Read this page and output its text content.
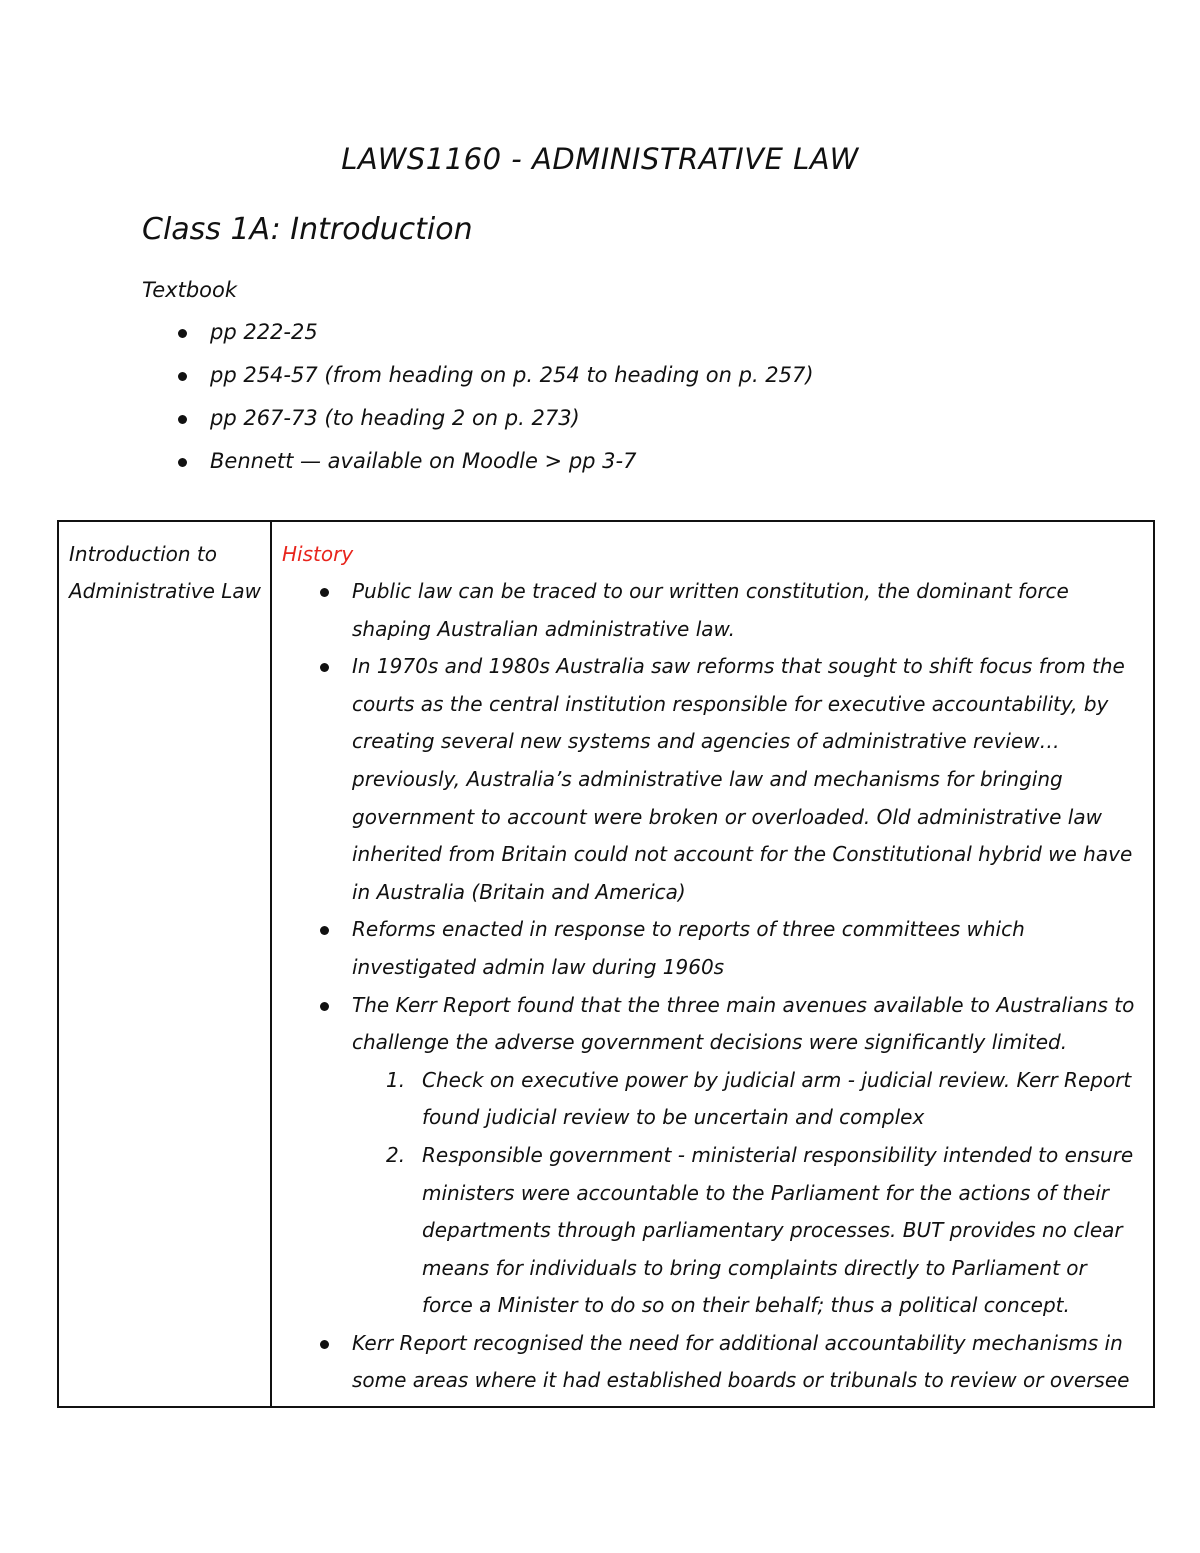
LAWS1160 - ADMINISTRATIVE LAW
Class 1A: Introduction
Textbook
pp 222-25
pp 254-57 (from heading on p. 254 to heading on p. 257)
pp 267-73 (to heading 2 on p. 273)
Bennett — available on Moodle > pp 3-7
Introduction to Administrative Law
History
Public law can be traced to our written constitution, the dominant force shaping Australian administrative law.
In 1970s and 1980s Australia saw reforms that sought to shift focus from the courts as the central institution responsible for executive accountability, by creating several new systems and agencies of administrative review… previously, Australia’s administrative law and mechanisms for bringing government to account were broken or overloaded. Old administrative law inherited from Britain could not account for the Constitutional hybrid we have in Australia (Britain and America)
Reforms enacted in response to reports of three committees which investigated admin law during 1960s
The Kerr Report found that the three main avenues available to Australians to challenge the adverse government decisions were significantly limited.
1. Check on executive power by judicial arm - judicial review. Kerr Report found judicial review to be uncertain and complex
2. Responsible government - ministerial responsibility intended to ensure ministers were accountable to the Parliament for the actions of their departments through parliamentary processes. BUT provides no clear means for individuals to bring complaints directly to Parliament or force a Minister to do so on their behalf; thus a political concept.
Kerr Report recognised the need for additional accountability mechanisms in some areas where it had established boards or tribunals to review or oversee
